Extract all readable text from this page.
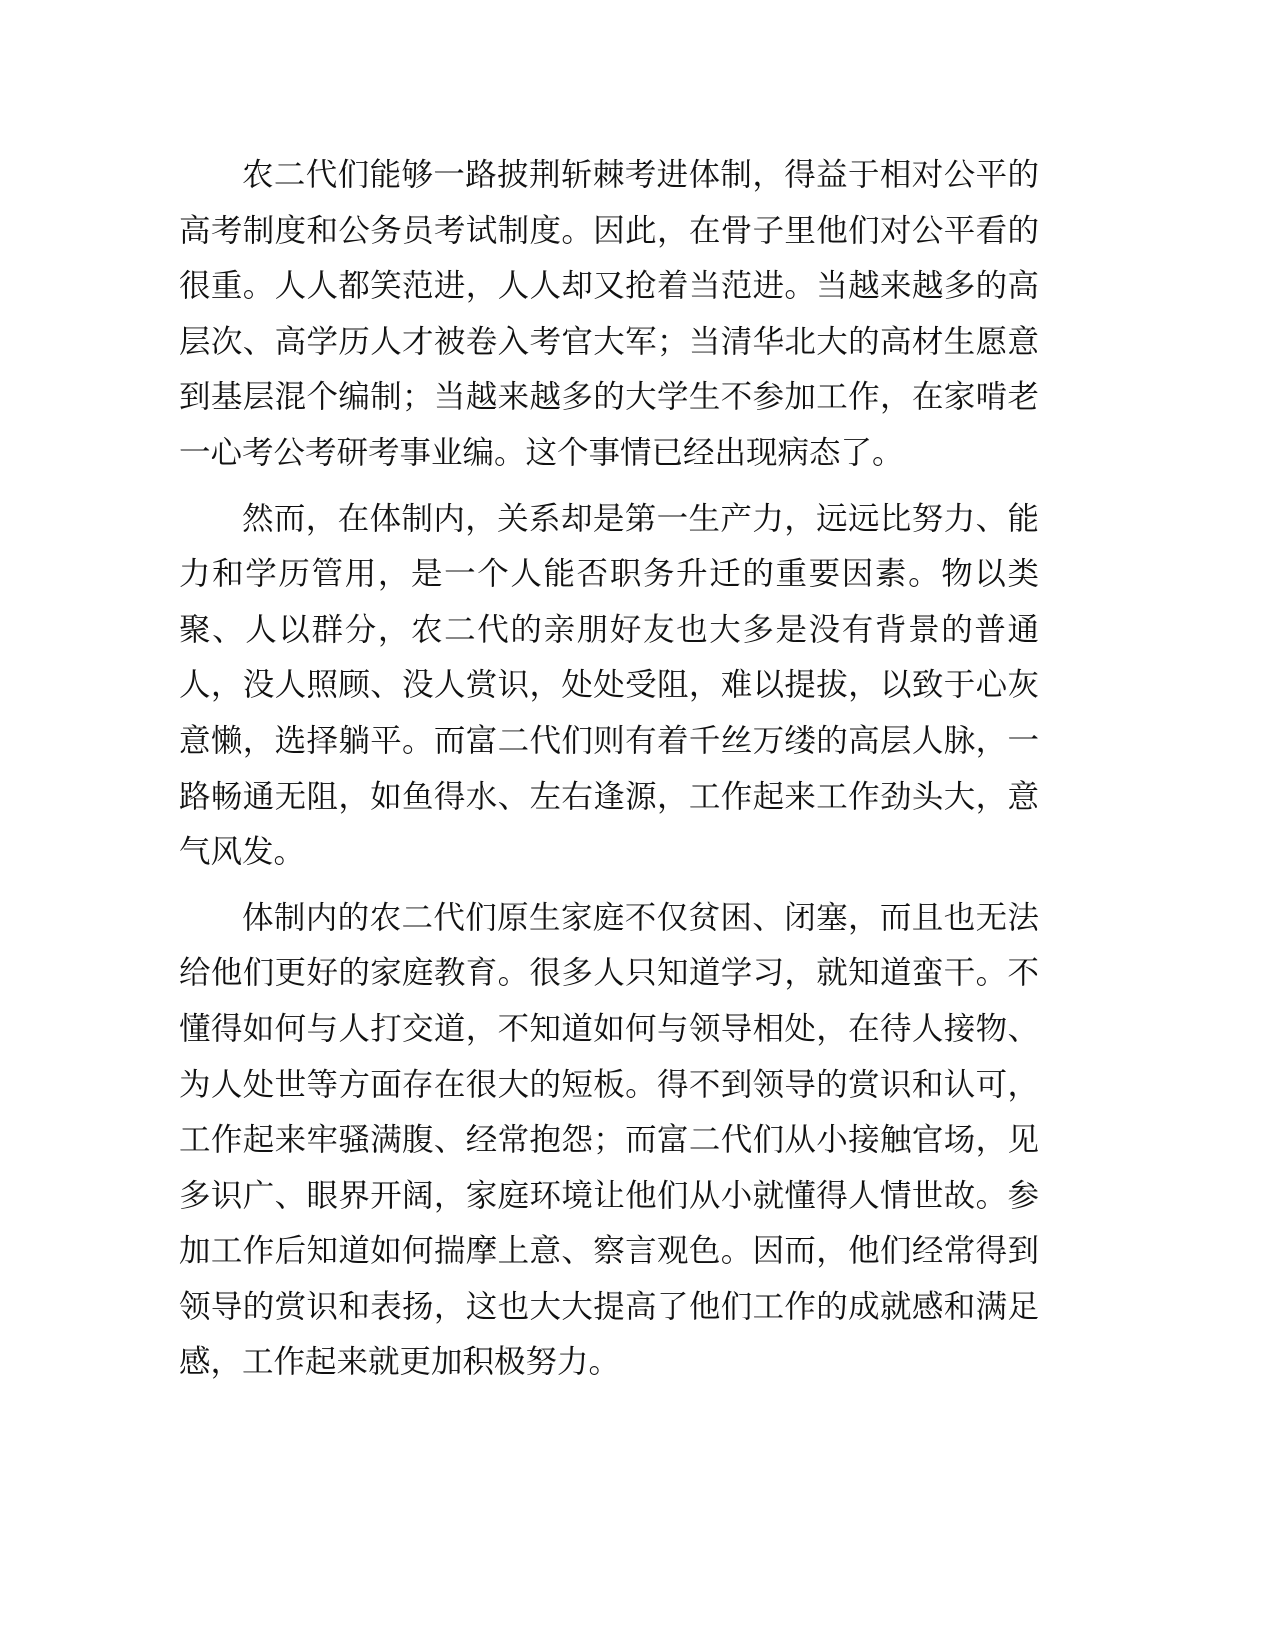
农二代们能够一路披荆斩棘考进体制，得益于相对公平的高考制度和公务员考试制度。因此，在骨子里他们对公平看的很重。人人都笑范进，人人却又抢着当范进。当越来越多的高层次、高学历人才被卷入考官大军；当清华北大的高材生愿意到基层混个编制；当越来越多的大学生不参加工作，在家啃老一心考公考研考事业编。这个事情已经出现病态了。

然而，在体制内，关系却是第一生产力，远远比努力、能力和学历管用，是一个人能否职务升迁的重要因素。物以类聚、人以群分，农二代的亲朋好友也大多是没有背景的普通人，没人照顾、没人赏识，处处受阻，难以提拔，以致于心灰意懒，选择躺平。而富二代们则有着千丝万缕的高层人脉，一路畅通无阻，如鱼得水、左右逢源，工作起来工作劲头大，意气风发。

体制内的农二代们原生家庭不仅贫困、闭塞，而且也无法给他们更好的家庭教育。很多人只知道学习，就知道蛮干。不懂得如何与人打交道，不知道如何与领导相处，在待人接物、为人处世等方面存在很大的短板。得不到领导的赏识和认可，工作起来牢骚满腹、经常抱怨；而富二代们从小接触官场，见多识广、眼界开阔，家庭环境让他们从小就懂得人情世故。参加工作后知道如何揣摩上意、察言观色。因而，他们经常得到领导的赏识和表扬，这也大大提高了他们工作的成就感和满足感，工作起来就更加积极努力。
